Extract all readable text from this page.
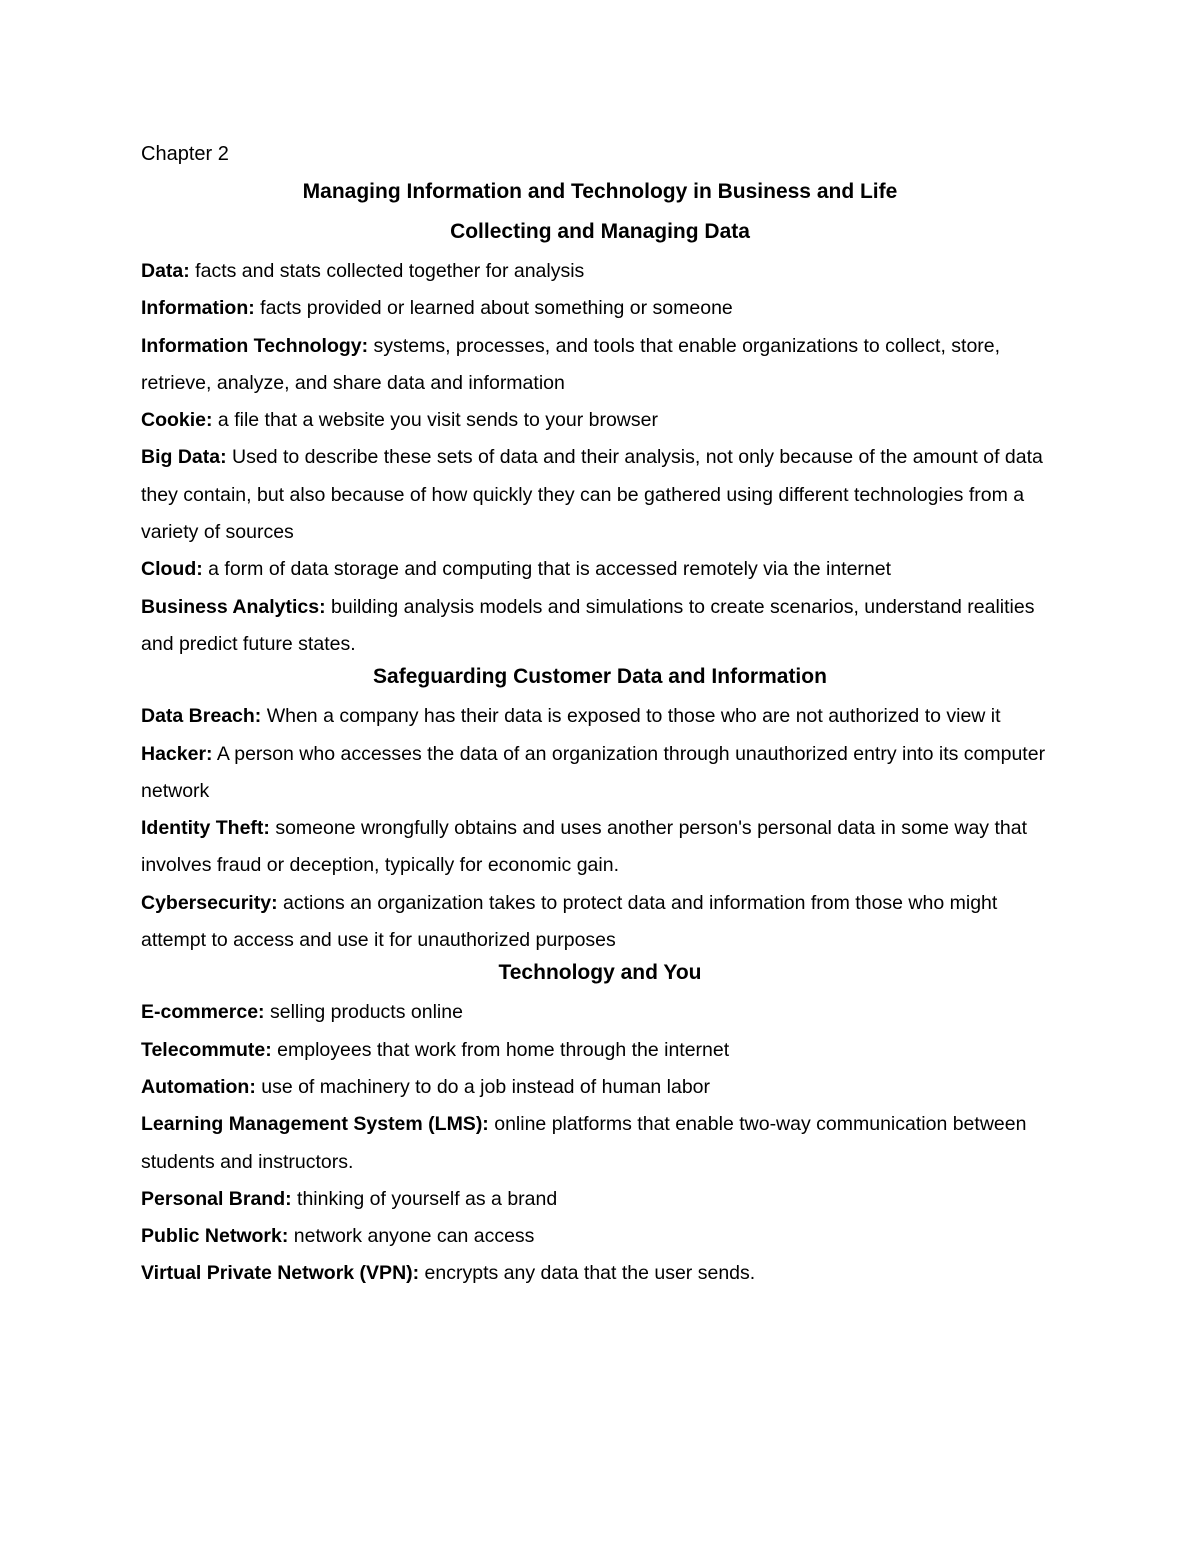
Chapter 2

Managing Information and Technology in Business and Life
Collecting and Managing Data

Data: facts and stats collected together for analysis

Information: facts provided or learned about something or someone

Information Technology: systems, processes, and tools that enable organizations to collect, store, retrieve, analyze, and share data and information

Cookie: a file that a website you visit sends to your browser

Big Data: Used to describe these sets of data and their analysis, not only because of the amount of data they contain, but also because of how quickly they can be gathered using different technologies from a variety of sources

Cloud: a form of data storage and computing that is accessed remotely via the internet

Business Analytics: building analysis models and simulations to create scenarios, understand realities and predict future states.

Safeguarding Customer Data and Information

Data Breach: When a company has their data is exposed to those who are not authorized to view it

Hacker: A person who accesses the data of an organization through unauthorized entry into its computer network

Identity Theft: someone wrongfully obtains and uses another person's personal data in some way that involves fraud or deception, typically for economic gain.

Cybersecurity: actions an organization takes to protect data and information from those who might attempt to access and use it for unauthorized purposes

Technology and You

E-commerce: selling products online

Telecommute: employees that work from home through the internet

Automation: use of machinery to do a job instead of human labor

Learning Management System (LMS): online platforms that enable two-way communication between students and instructors.

Personal Brand: thinking of yourself as a brand

Public Network: network anyone can access

Virtual Private Network (VPN): encrypts any data that the user sends.
